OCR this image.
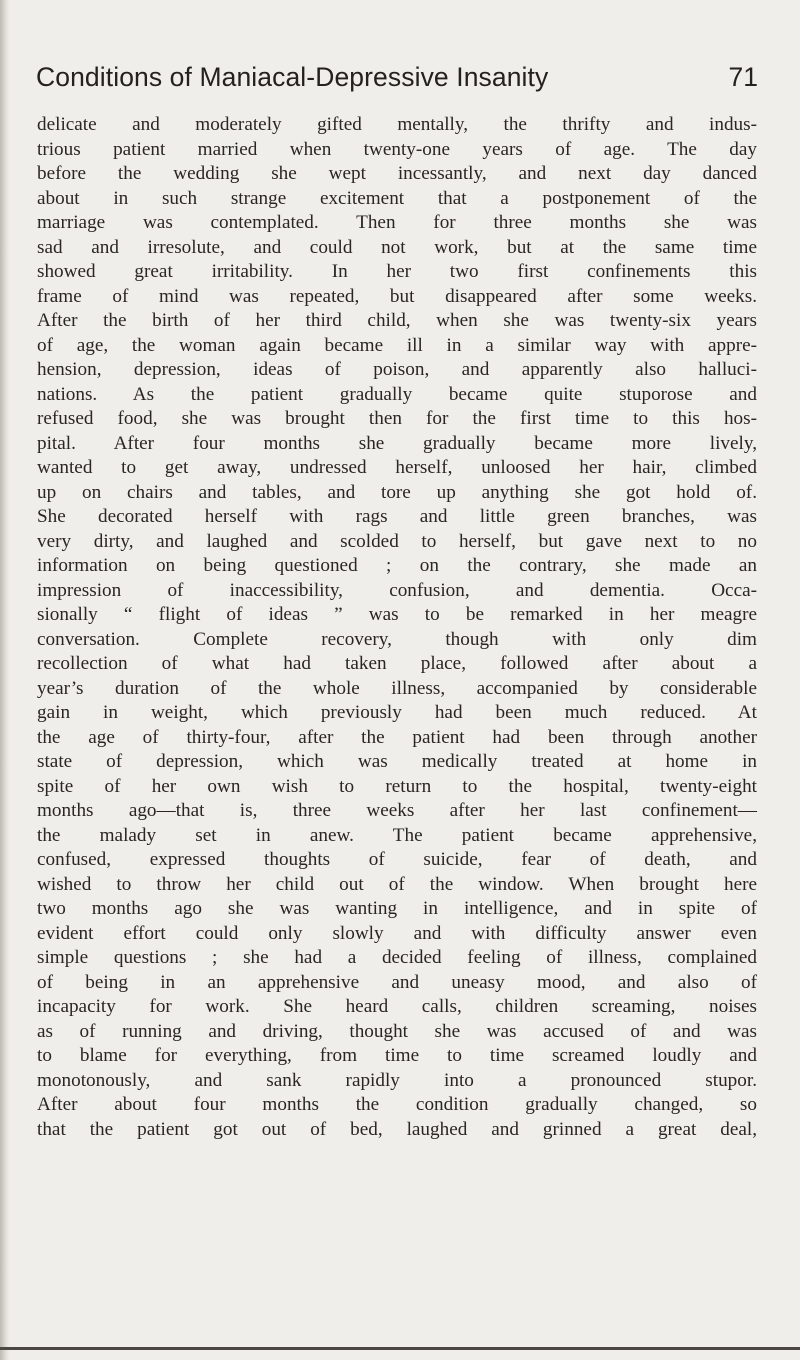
Conditions of Maniacal-Depressive Insanity	71
delicate and moderately gifted mentally, the thrifty and indus-
trious patient married when twenty-one years of age. The day
before the wedding she wept incessantly, and next day danced
about in such strange excitement that a postponement of the
marriage was contemplated. Then for three months she was
sad and irresolute, and could not work, but at the same time
showed great irritability. In her two first confinements this
frame of mind was repeated, but disappeared after some weeks.
After the birth of her third child, when she was twenty-six years
of age, the woman again became ill in a similar way with appre-
hension, depression, ideas of poison, and apparently also halluci-
nations. As the patient gradually became quite stuporose and
refused food, she was brought then for the first time to this hos-
pital. After four months she gradually became more lively,
wanted to get away, undressed herself, unloosed her hair, climbed
up on chairs and tables, and tore up anything she got hold of.
She decorated herself with rags and little green branches, was
very dirty, and laughed and scolded to herself, but gave next to no
information on being questioned ; on the contrary, she made an
impression of inaccessibility, confusion, and dementia. Occa-
sionally “ flight of ideas ” was to be remarked in her meagre
conversation. Complete recovery, though with only dim
recollection of what had taken place, followed after about a
year’s duration of the whole illness, accompanied by considerable
gain in weight, which previously had been much reduced. At
the age of thirty-four, after the patient had been through another
state of depression, which was medically treated at home in
spite of her own wish to return to the hospital, twenty-eight
months ago—that is, three weeks after her last confinement—
the malady set in anew. The patient became apprehensive,
confused, expressed thoughts of suicide, fear of death, and
wished to throw her child out of the window. When brought here
two months ago she was wanting in intelligence, and in spite of
evident effort could only slowly and with difficulty answer even
simple questions ; she had a decided feeling of illness, complained
of being in an apprehensive and uneasy mood, and also of
incapacity for work. She heard calls, children screaming, noises
as of running and driving, thought she was accused of and was
to blame for everything, from time to time screamed loudly and
monotonously, and sank rapidly into a pronounced stupor.
After about four months the condition gradually changed, so
that the patient got out of bed, laughed and grinned a great deal,
